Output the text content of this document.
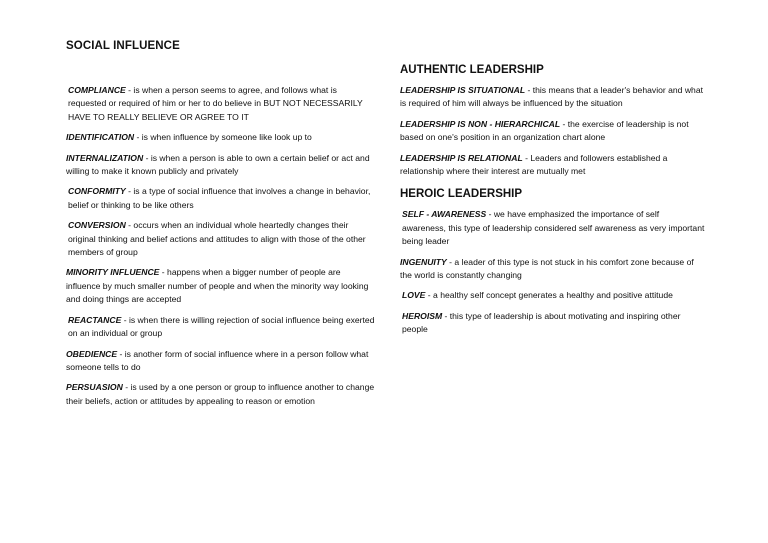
SOCIAL INFLUENCE

COMPLIANCE - is when a person seems to agree, and follows what is requested or required of him or her to do believe in BUT NOT NECESSARILY HAVE TO REALLY BELIEVE OR AGREE TO IT

IDENTIFICATION - is when influence by someone like look up to

INTERNALIZATION - is when a person is able to own a certain belief or act and willing to make it known publicly and privately

CONFORMITY - is a type of social influence that involves a change in behavior, belief or thinking to be like others

CONVERSION - occurs when an individual whole heartedly changes their original thinking and belief actions and attitudes to align with those of the other members of group

MINORITY INFLUENCE - happens when a bigger number of people are influence by much smaller number of people and when the minority way looking and doing things are accepted

REACTANCE - is when there is willing rejection of social influence being exerted on an individual or group

OBEDIENCE - is another form of social influence where in a person follow what someone tells to do

PERSUASION - is used by a one person or group to influence another to change their beliefs, action or attitudes by appealing to reason or emotion

AUTHENTIC LEADERSHIP

LEADERSHIP IS SITUATIONAL - this means that a leader's behavior and what is required of him will always be influenced by the situation

LEADERSHIP IS NON - HIERARCHICAL - the exercise of leadership is not based on one's position in an organization chart alone

LEADERSHIP IS RELATIONAL - Leaders and followers established a relationship where their interest are mutually met

HEROIC LEADERSHIP

SELF - AWARENESS - we have emphasized the importance of self awareness, this type of leadership considered self awareness as very important being leader

INGENUITY - a leader of this type is not stuck in his comfort zone because of the world is constantly changing

LOVE - a healthy self concept generates a healthy and positive attitude

HEROISM - this type of leadership is about motivating and inspiring other people
